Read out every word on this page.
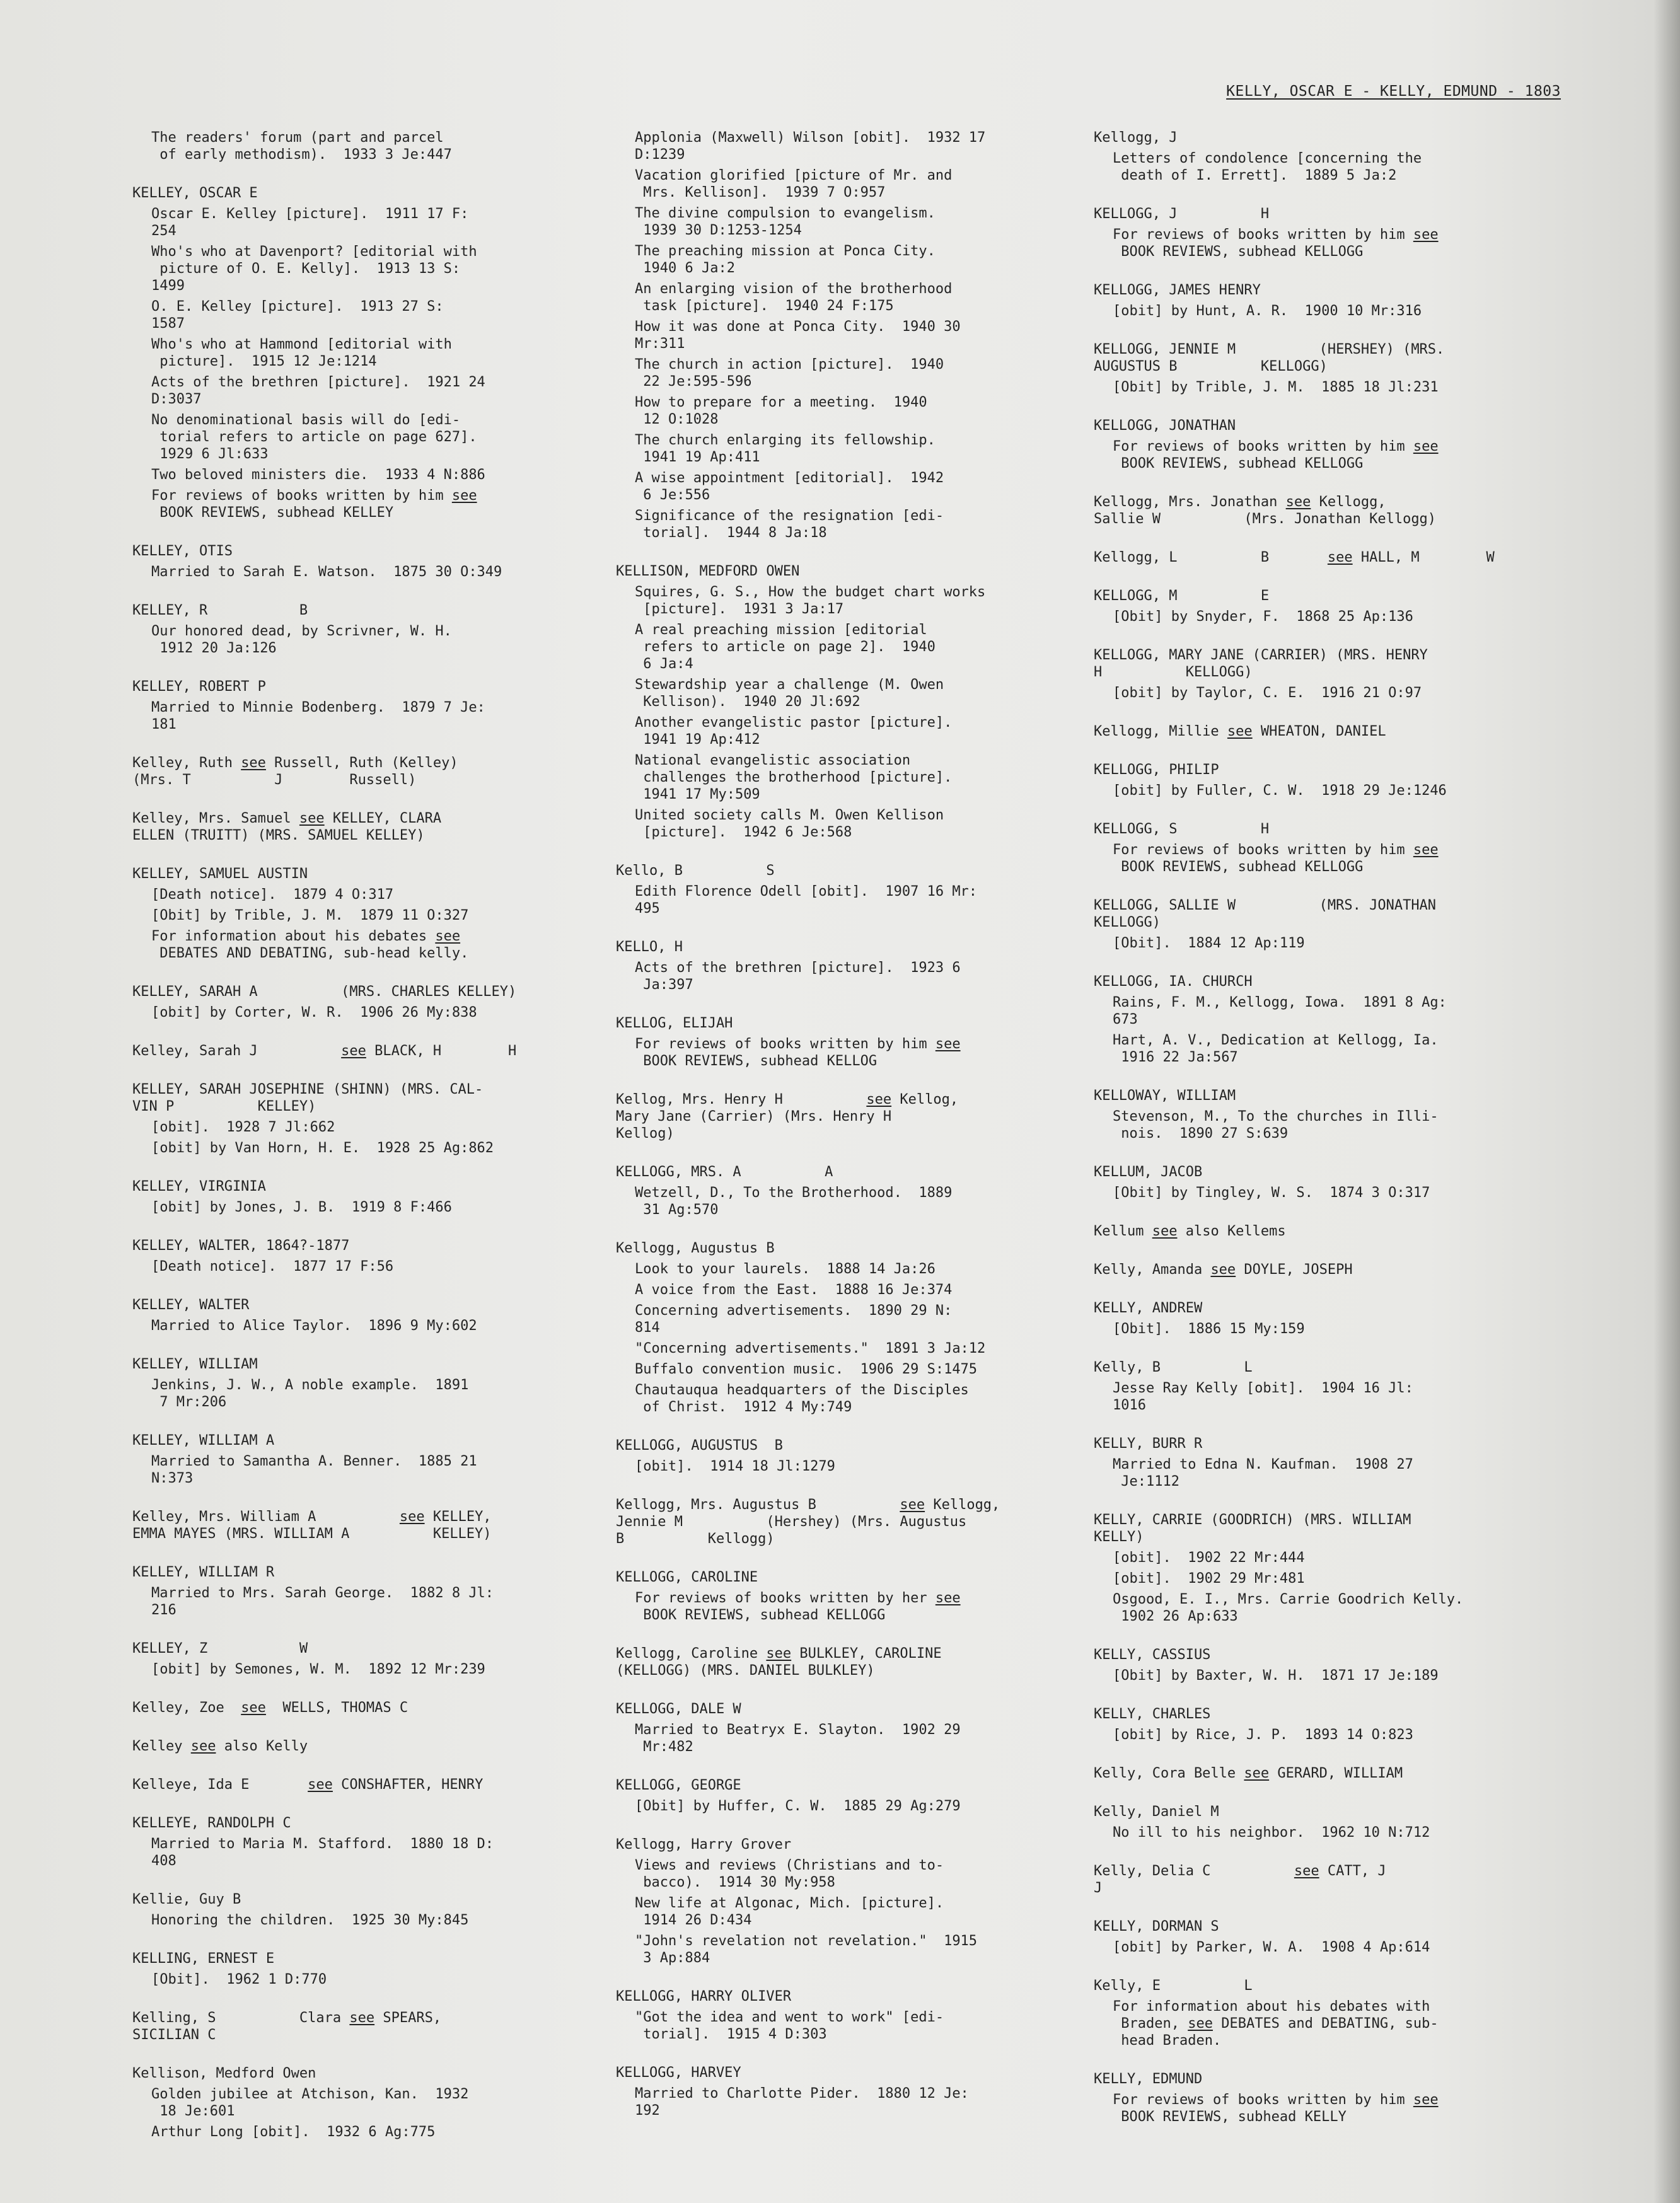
KELLY, OSCAR E - KELLY, EDMUND - 1803
The readers' forum (part and parcel
of early methodism).  1933 3 Je:447
KELLEY, OSCAR E
Oscar E. Kelley [picture].  1911 17 F:
254
Who's who at Davenport? [editorial with
picture of O. E. Kelly].  1913 13 S:
1499
O. E. Kelley [picture].  1913 27 S:
1587
Who's who at Hammond [editorial with
picture].  1915 12 Je:1214
Acts of the brethren [picture].  1921 24
D:3037
No denominational basis will do [edi-
torial refers to article on page 627].
1929 6 Jl:633
Two beloved ministers die.  1933 4 N:886
For reviews of books written by him see
BOOK REVIEWS, subhead KELLEY
KELLEY, OTIS
Married to Sarah E. Watson.  1875 30 O:349
KELLEY, R           B
Our honored dead, by Scrivner, W. H.
1912 20 Ja:126
KELLEY, ROBERT P
Married to Minnie Bodenberg.  1879 7 Je:
181
Kelley, Ruth see Russell, Ruth (Kelley)
(Mrs. T          J        Russell)
Kelley, Mrs. Samuel see KELLEY, CLARA
ELLEN (TRUITT) (MRS. SAMUEL KELLEY)
KELLEY, SAMUEL AUSTIN
[Death notice].  1879 4 O:317
[Obit] by Trible, J. M.  1879 11 O:327
For information about his debates see
DEBATES AND DEBATING, sub-head kelly.
KELLEY, SARAH A          (MRS. CHARLES KELLEY)
[obit] by Corter, W. R.  1906 26 My:838
Kelley, Sarah J          see BLACK, H        H
KELLEY, SARAH JOSEPHINE (SHINN) (MRS. CAL-
VIN P          KELLEY)
[obit].  1928 7 Jl:662
[obit] by Van Horn, H. E.  1928 25 Ag:862
KELLEY, VIRGINIA
[obit] by Jones, J. B.  1919 8 F:466
KELLEY, WALTER, 1864?-1877
[Death notice].  1877 17 F:56
KELLEY, WALTER
Married to Alice Taylor.  1896 9 My:602
KELLEY, WILLIAM
Jenkins, J. W., A noble example.  1891
7 Mr:206
KELLEY, WILLIAM A
Married to Samantha A. Benner.  1885 21
N:373
Kelley, Mrs. William A          see KELLEY,
EMMA MAYES (MRS. WILLIAM A          KELLEY)
KELLEY, WILLIAM R
Married to Mrs. Sarah George.  1882 8 Jl:
216
KELLEY, Z           W
[obit] by Semones, W. M.  1892 12 Mr:239
Kelley, Zoe  see  WELLS, THOMAS C
Kelley see also Kelly
Kelleye, Ida E       see CONSHAFTER, HENRY
KELLEYE, RANDOLPH C
Married to Maria M. Stafford.  1880 18 D:
408
Kellie, Guy B
Honoring the children.  1925 30 My:845
KELLING, ERNEST E
[Obit].  1962 1 D:770
Kelling, S          Clara see SPEARS,
SICILIAN C
Kellison, Medford Owen
Golden jubilee at Atchison, Kan.  1932
18 Je:601
Arthur Long [obit].  1932 6 Ag:775
Applonia (Maxwell) Wilson [obit].  1932 17
D:1239
Vacation glorified [picture of Mr. and
Mrs. Kellison].  1939 7 O:957
The divine compulsion to evangelism.
1939 30 D:1253-1254
The preaching mission at Ponca City.
1940 6 Ja:2
An enlarging vision of the brotherhood
task [picture].  1940 24 F:175
How it was done at Ponca City.  1940 30
Mr:311
The church in action [picture].  1940
22 Je:595-596
How to prepare for a meeting.  1940
12 O:1028
The church enlarging its fellowship.
1941 19 Ap:411
A wise appointment [editorial].  1942
6 Je:556
Significance of the resignation [edi-
torial].  1944 8 Ja:18
KELLISON, MEDFORD OWEN
Squires, G. S., How the budget chart works
[picture].  1931 3 Ja:17
A real preaching mission [editorial
refers to article on page 2].  1940
6 Ja:4
Stewardship year a challenge (M. Owen
Kellison).  1940 20 Jl:692
Another evangelistic pastor [picture].
1941 19 Ap:412
National evangelistic association
challenges the brotherhood [picture].
1941 17 My:509
United society calls M. Owen Kellison
[picture].  1942 6 Je:568
Kello, B          S
Edith Florence Odell [obit].  1907 16 Mr:
495
KELLO, H
Acts of the brethren [picture].  1923 6
Ja:397
KELLOG, ELIJAH
For reviews of books written by him see
BOOK REVIEWS, subhead KELLOG
Kellog, Mrs. Henry H          see Kellog,
Mary Jane (Carrier) (Mrs. Henry H
Kellog)
KELLOGG, MRS. A          A
Wetzell, D., To the Brotherhood.  1889
31 Ag:570
Kellogg, Augustus B
Look to your laurels.  1888 14 Ja:26
A voice from the East.  1888 16 Je:374
Concerning advertisements.  1890 29 N:
814
"Concerning advertisements."  1891 3 Ja:12
Buffalo convention music.  1906 29 S:1475
Chautauqua headquarters of the Disciples
of Christ.  1912 4 My:749
KELLOGG, AUGUSTUS  B
[obit].  1914 18 Jl:1279
Kellogg, Mrs. Augustus B          see Kellogg,
Jennie M          (Hershey) (Mrs. Augustus
B          Kellogg)
KELLOGG, CAROLINE
For reviews of books written by her see
BOOK REVIEWS, subhead KELLOGG
Kellogg, Caroline see BULKLEY, CAROLINE
(KELLOGG) (MRS. DANIEL BULKLEY)
KELLOGG, DALE W
Married to Beatryx E. Slayton.  1902 29
Mr:482
KELLOGG, GEORGE
[Obit] by Huffer, C. W.  1885 29 Ag:279
Kellogg, Harry Grover
Views and reviews (Christians and to-
bacco).  1914 30 My:958
New life at Algonac, Mich. [picture].
1914 26 D:434
"John's revelation not revelation."  1915
3 Ap:884
KELLOGG, HARRY OLIVER
"Got the idea and went to work" [edi-
torial].  1915 4 D:303
KELLOGG, HARVEY
Married to Charlotte Pider.  1880 12 Je:
192
Kellogg, J
Letters of condolence [concerning the
death of I. Errett].  1889 5 Ja:2
KELLOGG, J          H
For reviews of books written by him see
BOOK REVIEWS, subhead KELLOGG
KELLOGG, JAMES HENRY
[obit] by Hunt, A. R.  1900 10 Mr:316
KELLOGG, JENNIE M          (HERSHEY) (MRS.
AUGUSTUS B          KELLOGG)
[Obit] by Trible, J. M.  1885 18 Jl:231
KELLOGG, JONATHAN
For reviews of books written by him see
BOOK REVIEWS, subhead KELLOGG
Kellogg, Mrs. Jonathan see Kellogg,
Sallie W          (Mrs. Jonathan Kellogg)
Kellogg, L          B       see HALL, M        W
KELLOGG, M          E
[Obit] by Snyder, F.  1868 25 Ap:136
KELLOGG, MARY JANE (CARRIER) (MRS. HENRY
H          KELLOGG)
[obit] by Taylor, C. E.  1916 21 O:97
Kellogg, Millie see WHEATON, DANIEL
KELLOGG, PHILIP
[obit] by Fuller, C. W.  1918 29 Je:1246
KELLOGG, S          H
For reviews of books written by him see
BOOK REVIEWS, subhead KELLOGG
KELLOGG, SALLIE W          (MRS. JONATHAN
KELLOGG)
[Obit].  1884 12 Ap:119
KELLOGG, IA. CHURCH
Rains, F. M., Kellogg, Iowa.  1891 8 Ag:
673
Hart, A. V., Dedication at Kellogg, Ia.
1916 22 Ja:567
KELLOWAY, WILLIAM
Stevenson, M., To the churches in Illi-
nois.  1890 27 S:639
KELLUM, JACOB
[Obit] by Tingley, W. S.  1874 3 O:317
Kellum see also Kellems
Kelly, Amanda see DOYLE, JOSEPH
KELLY, ANDREW
[Obit].  1886 15 My:159
Kelly, B          L
Jesse Ray Kelly [obit].  1904 16 Jl:
1016
KELLY, BURR R
Married to Edna N. Kaufman.  1908 27
Je:1112
KELLY, CARRIE (GOODRICH) (MRS. WILLIAM
KELLY)
[obit].  1902 22 Mr:444
[obit].  1902 29 Mr:481
Osgood, E. I., Mrs. Carrie Goodrich Kelly.
1902 26 Ap:633
KELLY, CASSIUS
[Obit] by Baxter, W. H.  1871 17 Je:189
KELLY, CHARLES
[obit] by Rice, J. P.  1893 14 O:823
Kelly, Cora Belle see GERARD, WILLIAM
Kelly, Daniel M
No ill to his neighbor.  1962 10 N:712
Kelly, Delia C          see CATT, J
J
KELLY, DORMAN S
[obit] by Parker, W. A.  1908 4 Ap:614
Kelly, E          L
For information about his debates with
Braden, see DEBATES and DEBATING, sub-
head Braden.
KELLY, EDMUND
For reviews of books written by him see
BOOK REVIEWS, subhead KELLY
